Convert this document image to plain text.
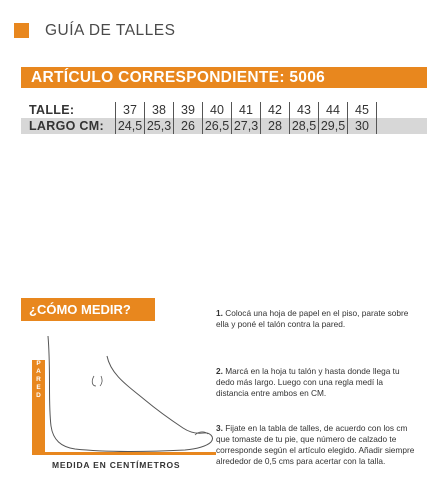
GUÍA DE TALLES
ARTÍCULO CORRESPONDIENTE: 5006
TALLE:	37	38	39	40	41	42	43	44	45	
LARGO CM:	24,5	25,3	26	26,5	27,3	28	28,5	29,5	30	
¿CÓMO MEDIR?
P
A
R
E
D
MEDIDA EN CENTÍMETROS
1. Colocá una hoja de papel en el piso, parate sobre ella y poné el talón contra la pared.
2. Marcá en la hoja tu talón y hasta donde llega tu dedo más largo. Luego con una regla medí la distancia entre ambos en CM.
3. Fijate en la tabla de talles, de acuerdo con los cm que tomaste de tu pie, que número de calzado te corresponde según el artículo elegido. Añadir siempre alrededor de 0,5 cms para acertar con la talla.
